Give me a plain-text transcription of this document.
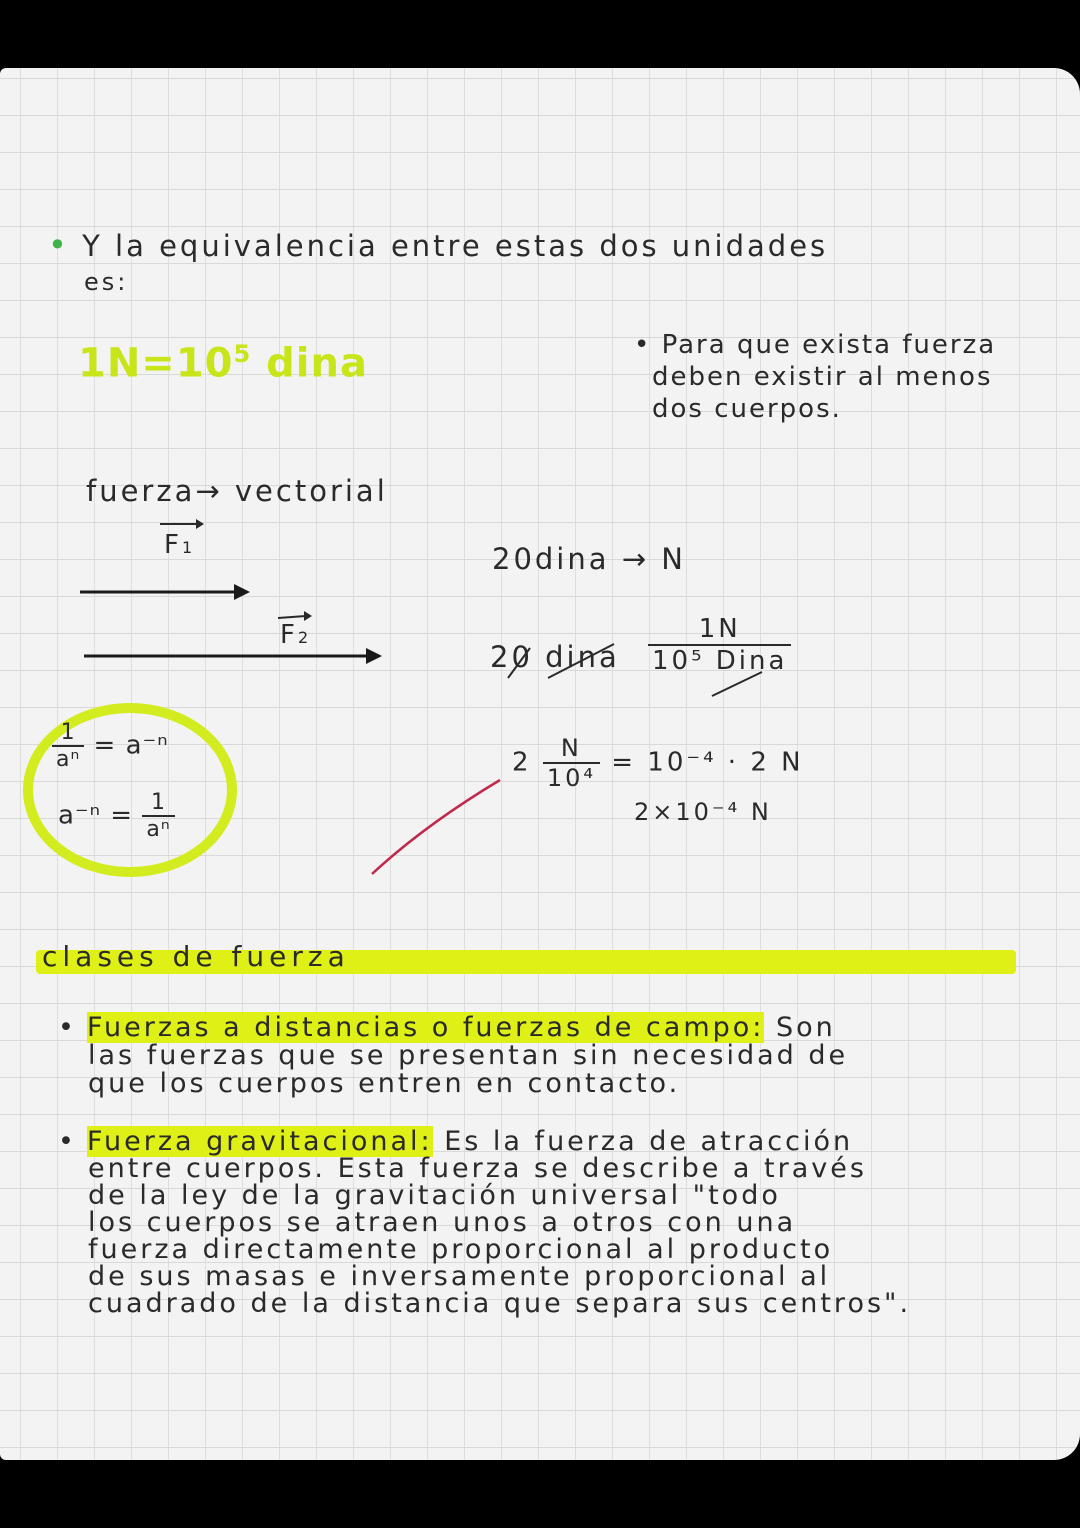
• Y la equivalencia entre estas dos unidades
es:
$1N=10^5$ dina	• Para que exista fuerza
deben existir al menos
dos cuerpos.
fuerza→ vectorial
F1
F2
20dina → N
20 dina $\frac{1N}{\text{10⁵ Dina}}$
$2 \frac{N}{\text{10⁴}} = 10^{-4} \cdot 2$ N
2×10⁻⁴ N
$\frac{1}{\text{aⁿ}} = a^{-n}$
$a^{-n} = \frac{1}{\text{aⁿ}}$
clases de fuerza
• Fuerzas a distancias o fuerzas de campo: Son
las fuerzas que se presentan sin necesidad de
que los cuerpos entren en contacto.
• Fuerza gravitacional: Es la fuerza de atracción
entre cuerpos. Esta fuerza se describe a través
de la ley de la gravitación universal "todo
los cuerpos se atraen unos a otros con una
fuerza directamente proporcional al producto
de sus masas e inversamente proporcional al
cuadrado de la distancia que separa sus centros".
